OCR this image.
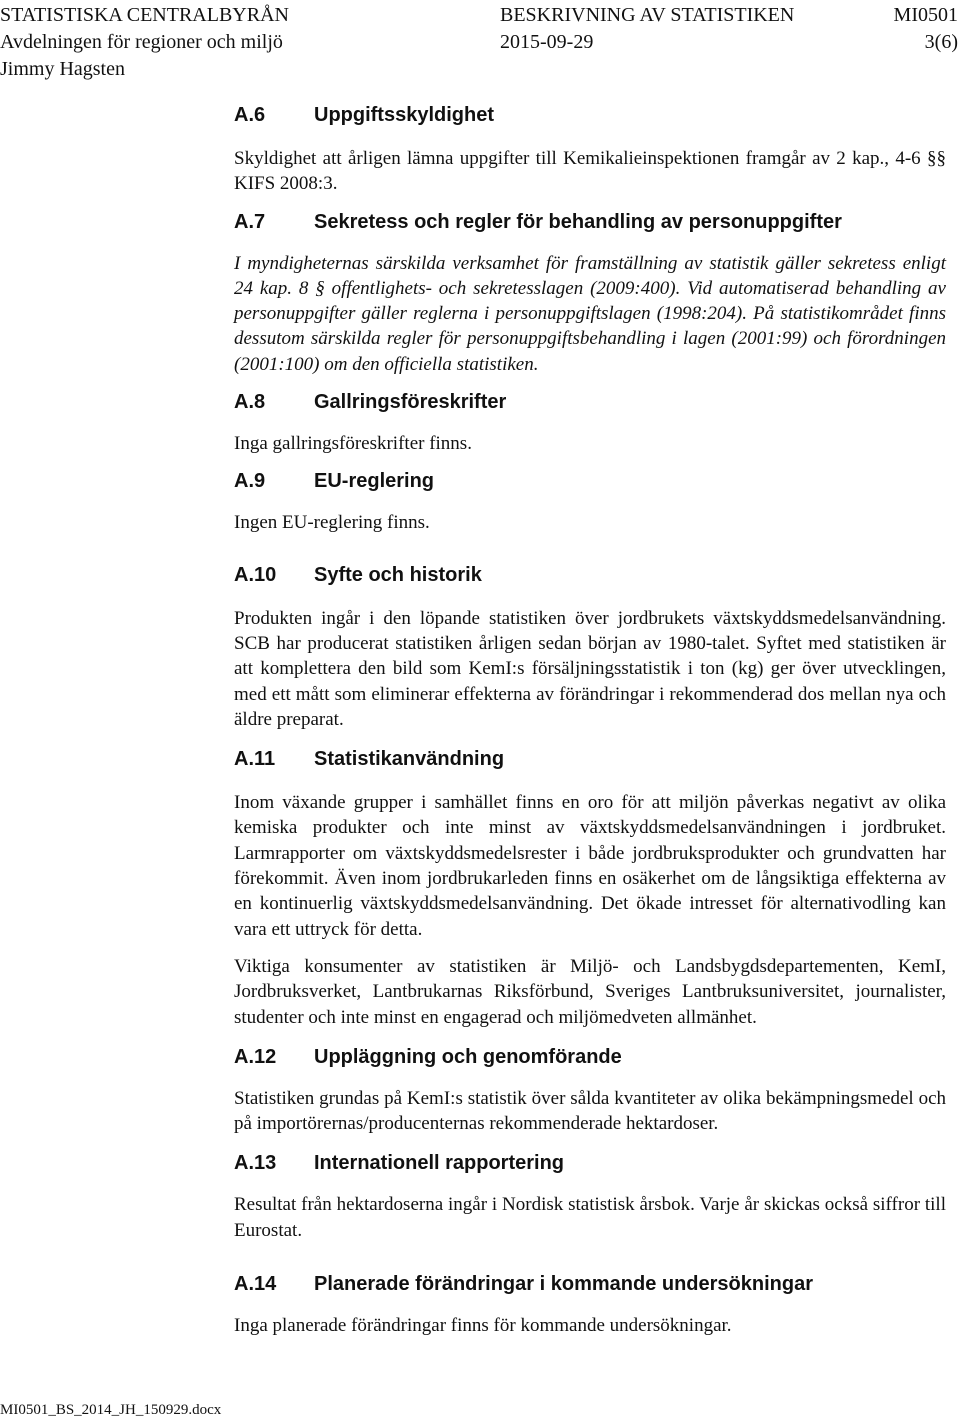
STATISTISKA CENTRALBYRÅN	BESKRIVNING AV STATISTIKEN	MI0501
Avdelningen för regioner och miljö	2015-09-29	3(6)
Jimmy Hagsten
A.6 Uppgiftsskyldighet

Skyldighet att årligen lämna uppgifter till Kemikalieinspektionen framgår av 2 kap., 4-6 §§ KIFS 2008:3.

A.7 Sekretess och regler för behandling av personuppgifter

I myndigheternas särskilda verksamhet för framställning av statistik gäller sekretess enligt 24 kap. 8 § offentlighets- och sekretesslagen (2009:400). Vid automatiserad behandling av personuppgifter gäller reglerna i personuppgiftslagen (1998:204). På statistikområdet finns dessutom särskilda regler för personuppgiftsbehandling i lagen (2001:99) och förordningen (2001:100) om den officiella statistiken.

A.8 Gallringsföreskrifter

Inga gallringsföreskrifter finns.

A.9 EU-reglering

Ingen EU-reglering finns.

A.10 Syfte och historik

Produkten ingår i den löpande statistiken över jordbrukets växtskyddsmedelsanvändning. SCB har producerat statistiken årligen sedan början av 1980-talet. Syftet med statistiken är att komplettera den bild som KemI:s försäljningsstatistik i ton (kg) ger över utvecklingen, med ett mått som eliminerar effekterna av förändringar i rekommenderad dos mellan nya och äldre preparat.

A.11 Statistikanvändning

Inom växande grupper i samhället finns en oro för att miljön påverkas negativt av olika kemiska produkter och inte minst av växtskyddsmedelsanvändningen i jordbruket. Larmrapporter om växtskyddsmedelsrester i både jordbruksprodukter och grundvatten har förekommit. Även inom jordbrukarleden finns en osäkerhet om de långsiktiga effekterna av en kontinuerlig växtskyddsmedelsanvändning. Det ökade intresset för alternativodling kan vara ett uttryck för detta.

Viktiga konsumenter av statistiken är Miljö- och Landsbygdsdepartementen, KemI, Jordbruksverket, Lantbrukarnas Riksförbund, Sveriges Lantbruksuniversitet, journalister, studenter och inte minst en engagerad och miljömedveten allmänhet.

A.12 Uppläggning och genomförande

Statistiken grundas på KemI:s statistik över sålda kvantiteter av olika bekämpningsmedel och på importörernas/producenternas rekommenderade hektardoser.

A.13 Internationell rapportering

Resultat från hektardoserna ingår i Nordisk statistisk årsbok. Varje år skickas också siffror till Eurostat.

A.14 Planerade förändringar i kommande undersökningar

Inga planerade förändringar finns för kommande undersökningar.

MI0501_BS_2014_JH_150929.docx
